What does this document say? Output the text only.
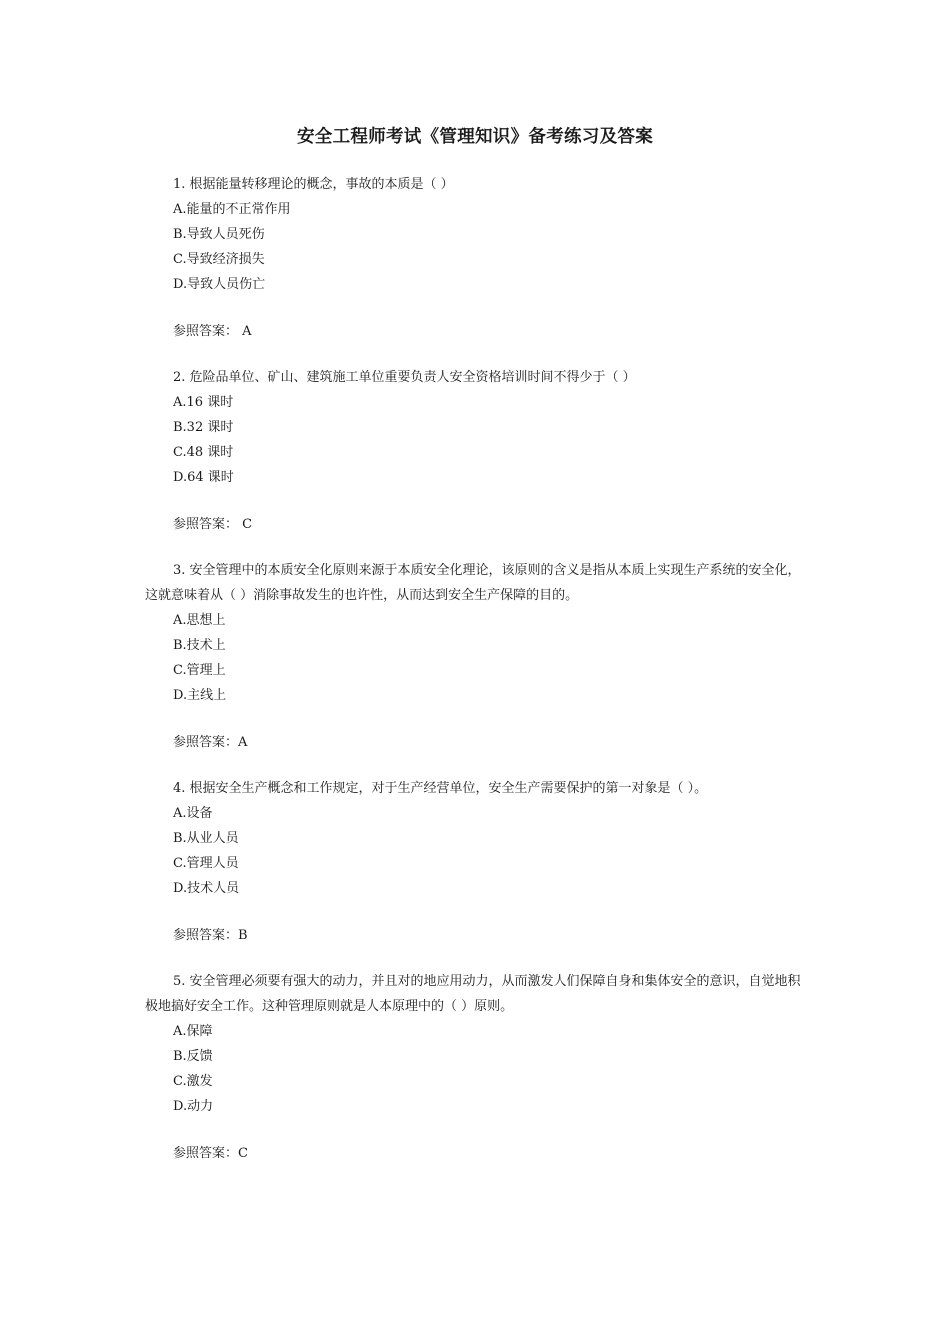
安全工程师考试《管理知识》备考练习及答案

1. 根据能量转移理论的概念，事故的本质是（ ）

A.能量的不正常作用
B.导致人员死伤
C.导致经济损失
D.导致人员伤亡
参照答案： A

2. 危险品单位、矿山、建筑施工单位重要负责人安全资格培训时间不得少于（ ）

A.16 课时
B.32 课时
C.48 课时
D.64 课时
参照答案： C

3. 安全管理中的本质安全化原则来源于本质安全化理论，该原则的含义是指从本质上实现生产系统的安全化，这就意味着从（ ）消除事故发生的也许性，从而达到安全生产保障的目的。

A.思想上
B.技术上
C.管理上
D.主线上
参照答案：A

4. 根据安全生产概念和工作规定，对于生产经营单位，安全生产需要保护的第一对象是（ ）。

A.设备
B.从业人员
C.管理人员
D.技术人员
参照答案：B

5. 安全管理必须要有强大的动力，并且对的地应用动力，从而激发人们保障自身和集体安全的意识，自觉地积极地搞好安全工作。这种管理原则就是人本原理中的（ ）原则。

A.保障
B.反馈
C.激发
D.动力
参照答案：C
